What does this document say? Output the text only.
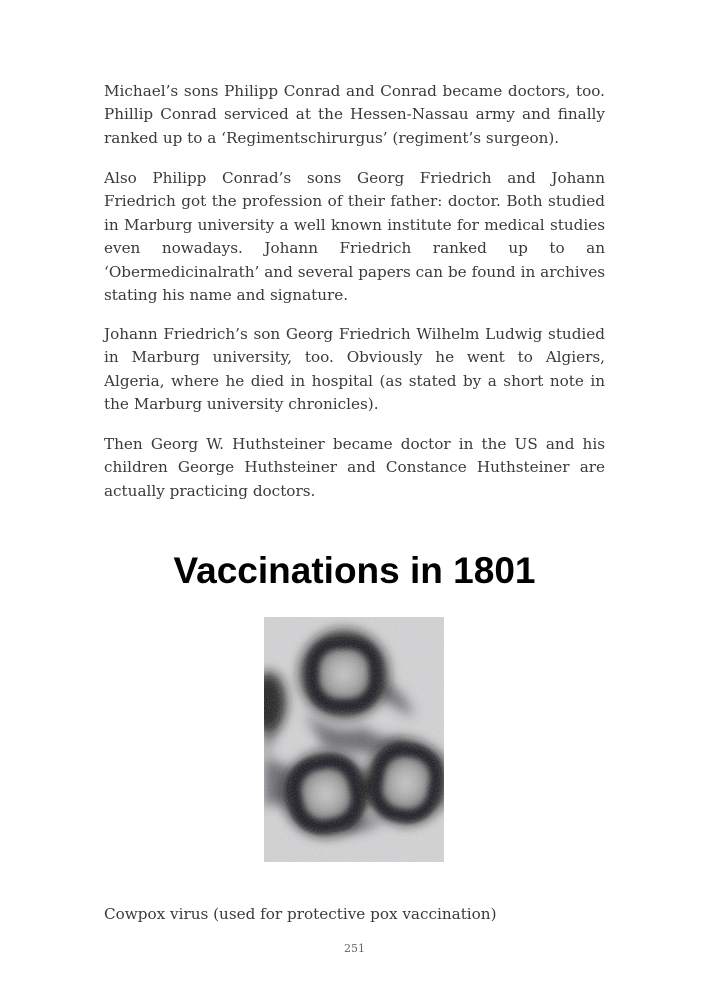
Michael’s sons Philipp Conrad and Conrad became doctors, too. Phillip Conrad serviced at the Hessen-Nassau army and finally ranked up to a ‘Regimentschirurgus’ (regiment’s surgeon).

Also Philipp Conrad’s sons Georg Friedrich and Johann Friedrich got the profession of their father: doctor. Both studied in Marburg university a well known institute for medical studies even nowadays. Johann Friedrich ranked up to an ‘Obermedicinalrath’ and several papers can be found in archives stating his name and signature.

Johann Friedrich’s son Georg Friedrich Wilhelm Ludwig studied in Marburg university, too. Obviously he went to Algiers, Algeria, where he died in hospital (as stated by a short note in the Marburg university chronicles).

Then Georg W. Huthsteiner became doctor in the US and his children George Huthsteiner and Constance Huthsteiner are actually practicing doctors.

Vaccinations in 1801

Cowpox virus (used for protective pox vaccination)

251
